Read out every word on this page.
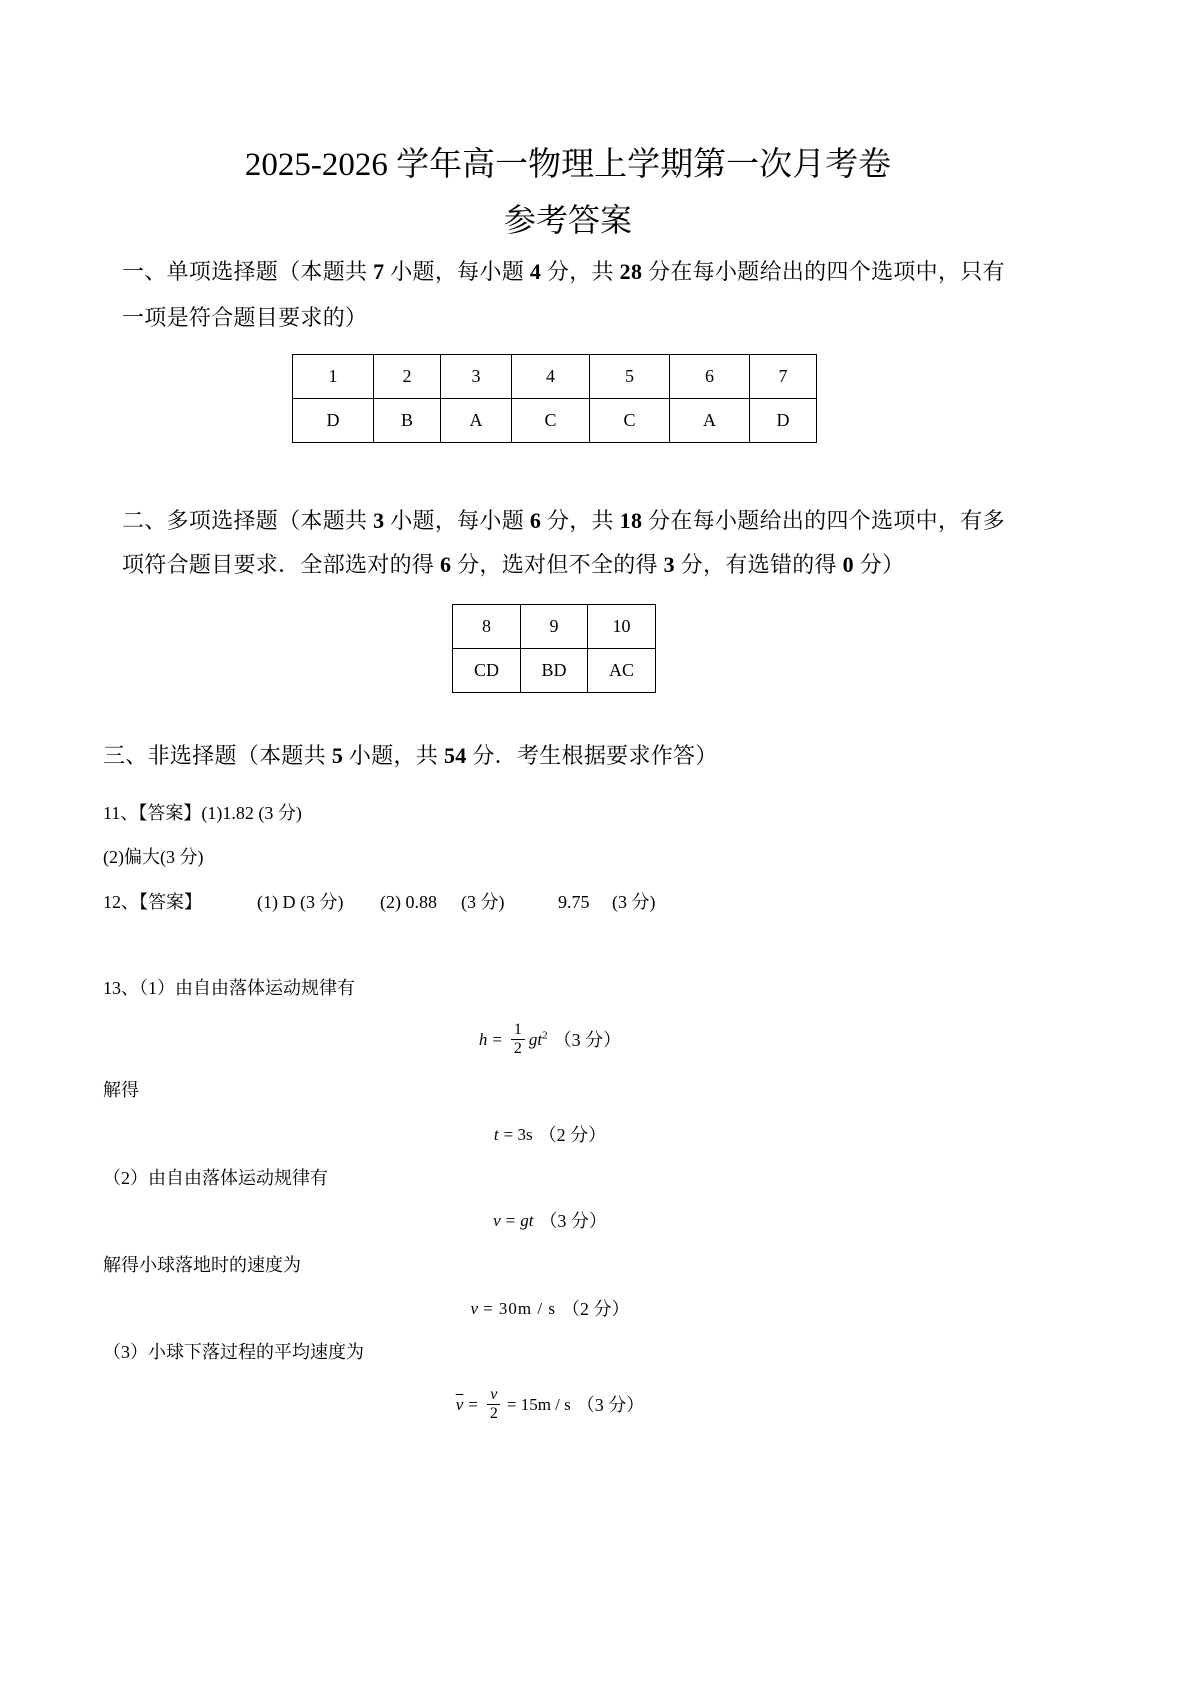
2025-2026 学年高一物理上学期第一次月考卷
参考答案
一、单项选择题（本题共 7 小题，每小题 4 分，共 28 分在每小题给出的四个选项中，只有
一项是符合题目要求的）
1	2	3	4	5	6	7
D	B	A	C	C	A	D
二、多项选择题（本题共 3 小题，每小题 6 分，共 18 分在每小题给出的四个选项中，有多
项符合题目要求．全部选对的得 6 分，选对但不全的得 3 分，有选错的得 0 分）
8	9	10
CD	BD	AC
三、非选择题（本题共 5 小题，共 54 分．考生根据要求作答）
11、【答案】(1)1.82 (3 分)
(2)偏大(3 分)
12、【答案】	(1) D (3 分) (2) 0.88 (3 分)	9.75 (3 分)
13、（1）由自由落体运动规律有
$h = \frac{1}{2} gt^2$ （3 分）
解得
t = 3s （2 分）
（2）由自由落体运动规律有
v = gt （3 分）
解得小球落地时的速度为
v = 30m / s （2 分）
（3）小球下落过程的平均速度为
$\overline{v} = \frac{v}{2} = 15m / s$ （3 分）
